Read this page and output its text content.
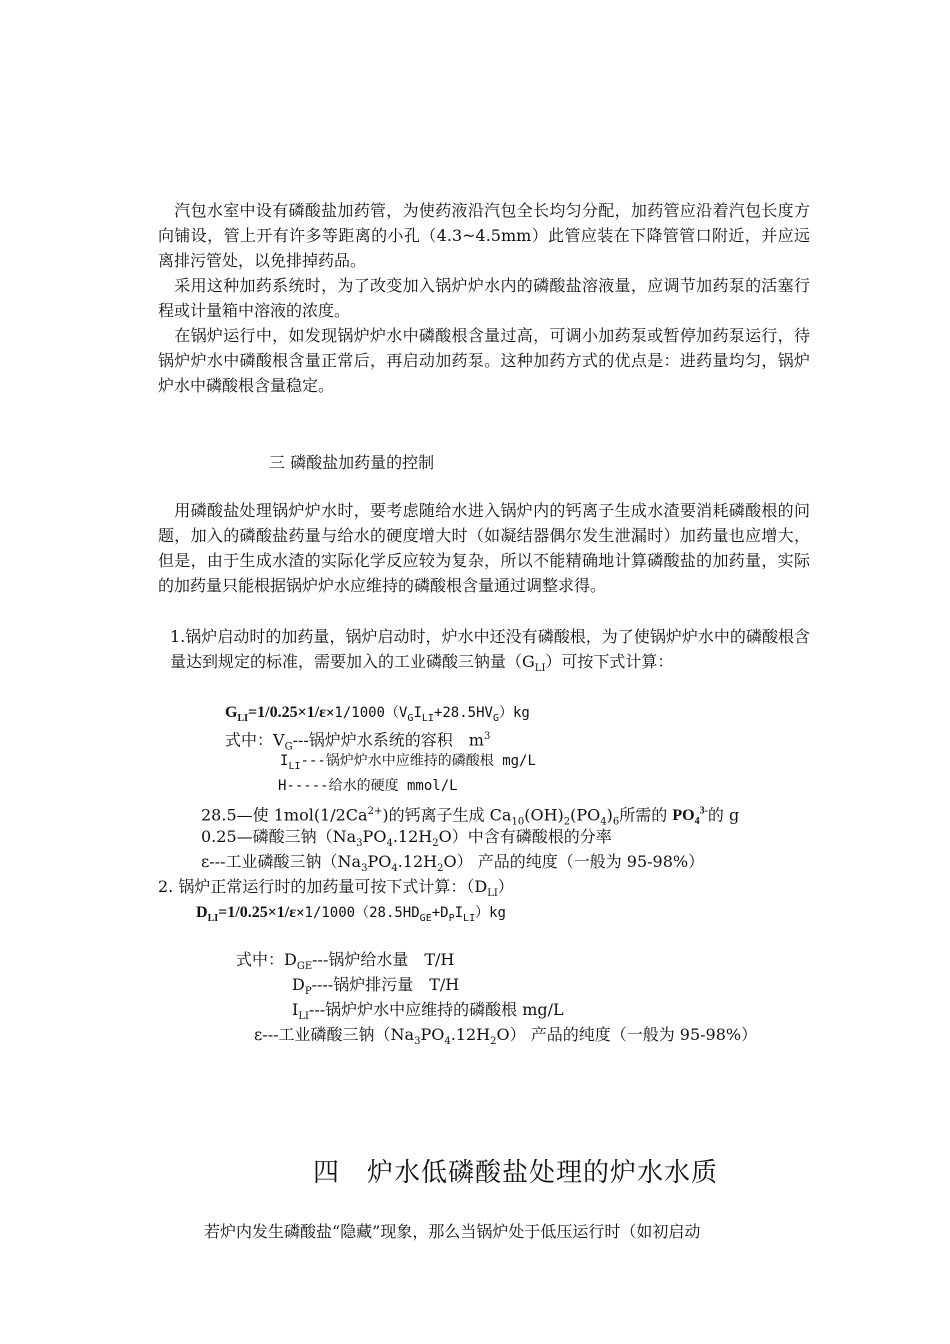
　汽包水室中设有磷酸盐加药管，为使药液沿汽包全长均匀分配，加药管应沿着汽包长度方向铺设，管上开有许多等距离的小孔（4.3~4.5mm）此管应装在下降管管口附近，并应远离排污管处，以免排掉药品。

　采用这种加药系统时，为了改变加入锅炉炉水内的磷酸盐溶液量，应调节加药泵的活塞行程或计量箱中溶液的浓度。

　在锅炉运行中，如发现锅炉炉水中磷酸根含量过高，可调小加药泵或暂停加药泵运行，待锅炉炉水中磷酸根含量正常后，再启动加药泵。这种加药方式的优点是：进药量均匀，锅炉炉水中磷酸根含量稳定。

三 磷酸盐加药量的控制

　用磷酸盐处理锅炉炉水时，要考虑随给水进入锅炉内的钙离子生成水渣要消耗磷酸根的问题，加入的磷酸盐药量与给水的硬度增大时（如凝结器偶尔发生泄漏时）加药量也应增大，但是，由于生成水渣的实际化学反应较为复杂，所以不能精确地计算磷酸盐的加药量，实际的加药量只能根据锅炉炉水应维持的磷酸根含量通过调整求得。

1.锅炉启动时的加药量，锅炉启动时，炉水中还没有磷酸根，为了使锅炉炉水中的磷酸根含量达到规定的标准，需要加入的工业磷酸三钠量$(G_{LI})$可按下式计算：

$G_{LI}=1/0.25\times 1/\varepsilon\times 1/1000(V_GI_{LI}+28.5HV_G)kg$
式中：$V_G---$锅炉炉水系统的容积　$m^3$
$I_{LI}---$锅炉炉水中应维持的磷酸根 mg/L
H-----给水的硬度 mmol/L
28.5—使 $1mol(1/2Ca^{2+})$的钙离子生成 $Ca_{10}(OH)_2(PO_4)_6$所需的 $PO_4^{3-}$的 g
0.25—磷酸三钠$(Na_3PO_4.12H_2O)$中含有磷酸根的分率
ε---工业磷酸三钠$(Na_3PO_4.12H_2O)$ 产品的纯度（一般为 95-98%）
2. 锅炉正常运行时的加药量可按下式计算：$(D_{LI})$
$D_{LI}=1/0.25\times 1/\varepsilon\times 1/1000(28.5HD_{GE}+D_PI_{LI})kg$
式中：$D_{GE}---$锅炉给水量　T/H
$D_P----$锅炉排污量　T/H
$I_{LI}---$锅炉炉水中应维持的磷酸根 mg/L
ε---工业磷酸三钠$(Na_3PO_4.12H_2O)$ 产品的纯度（一般为 95-98%）
四　炉水低磷酸盐处理的炉水水质
若炉内发生磷酸盐“隐藏”现象，那么当锅炉处于低压运行时（如初启动
